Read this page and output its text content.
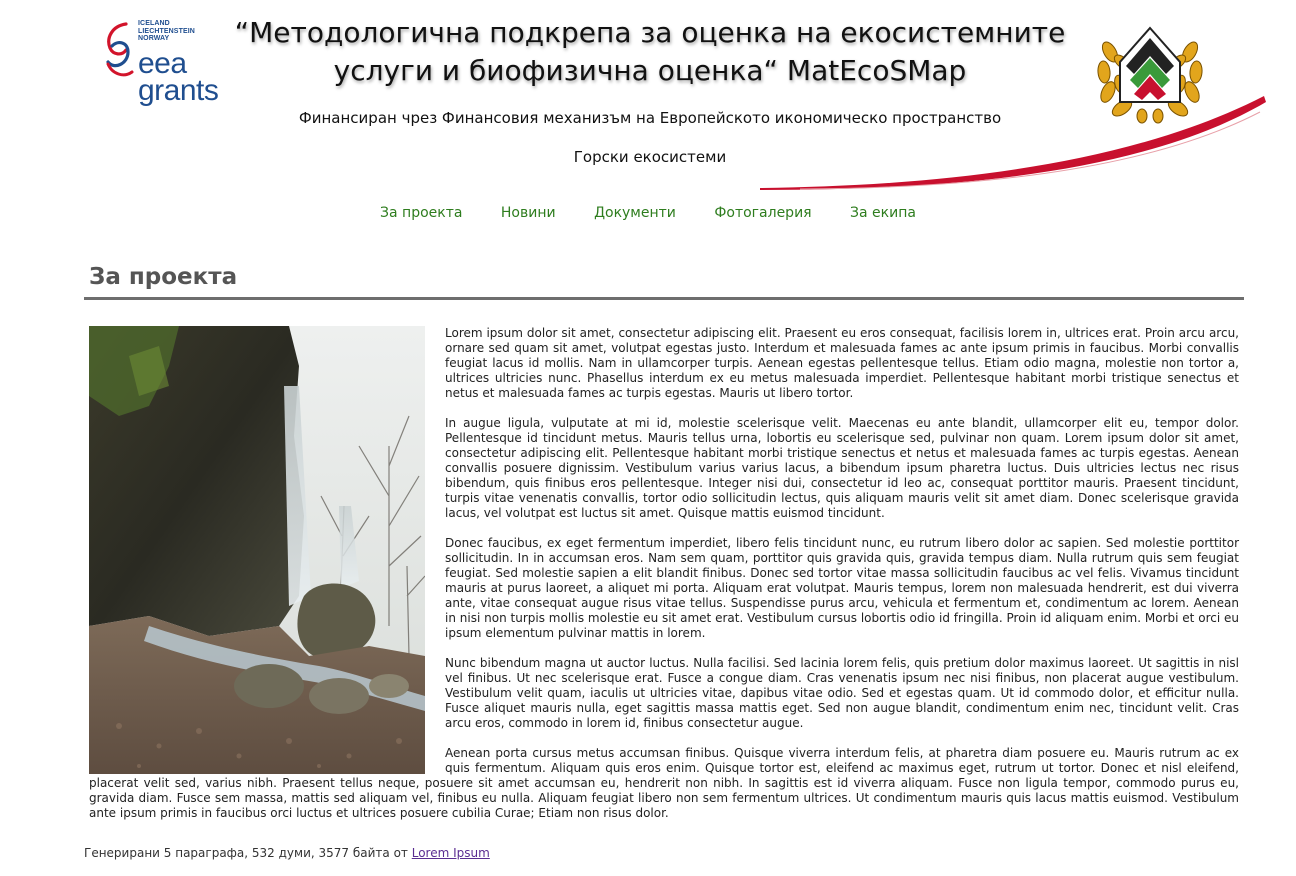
ICELAND
LIECHTENSTEIN
NORWAY
eea
grants
“Методологична подкрепа за оценка на екосистемните
услуги и биофизична оценка“ MatEcoSMap
Финансиран чрез Финансовия механизъм на Европейското икономическо пространство
Горски екосистеми
За проекта	Новини	Документи	Фотогалерия	За екипа
За проекта

Lorem ipsum dolor sit amet, consectetur adipiscing elit. Praesent eu eros consequat, facilisis lorem in, ultrices erat. Proin arcu arcu, ornare sed quam sit amet, volutpat egestas justo. Interdum et malesuada fames ac ante ipsum primis in faucibus. Morbi convallis feugiat lacus id mollis. Nam in ullamcorper turpis. Aenean egestas pellentesque tellus. Etiam odio magna, molestie non tortor a, ultrices ultricies nunc. Phasellus interdum ex eu metus malesuada imperdiet. Pellentesque habitant morbi tristique senectus et netus et malesuada fames ac turpis egestas. Mauris ut libero tortor.

In augue ligula, vulputate at mi id, molestie scelerisque velit. Maecenas eu ante blandit, ullamcorper elit eu, tempor dolor. Pellentesque id tincidunt metus. Mauris tellus urna, lobortis eu scelerisque sed, pulvinar non quam. Lorem ipsum dolor sit amet, consectetur adipiscing elit. Pellentesque habitant morbi tristique senectus et netus et malesuada fames ac turpis egestas. Aenean convallis posuere dignissim. Vestibulum varius varius lacus, a bibendum ipsum pharetra luctus. Duis ultricies lectus nec risus bibendum, quis finibus eros pellentesque. Integer nisi dui, consectetur id leo ac, consequat porttitor mauris. Praesent tincidunt, turpis vitae venenatis convallis, tortor odio sollicitudin lectus, quis aliquam mauris velit sit amet diam. Donec scelerisque gravida lacus, vel volutpat est luctus sit amet. Quisque mattis euismod tincidunt.

Donec faucibus, ex eget fermentum imperdiet, libero felis tincidunt nunc, eu rutrum libero dolor ac sapien. Sed molestie porttitor sollicitudin. In in accumsan eros. Nam sem quam, porttitor quis gravida quis, gravida tempus diam. Nulla rutrum quis sem feugiat feugiat. Sed molestie sapien a elit blandit finibus. Donec sed tortor vitae massa sollicitudin faucibus ac vel felis. Vivamus tincidunt mauris at purus laoreet, a aliquet mi porta. Aliquam erat volutpat. Mauris tempus, lorem non malesuada hendrerit, est dui viverra ante, vitae consequat augue risus vitae tellus. Suspendisse purus arcu, vehicula et fermentum et, condimentum ac lorem. Aenean in nisi non turpis mollis molestie eu sit amet erat. Vestibulum cursus lobortis odio id fringilla. Proin id aliquam enim. Morbi et orci eu ipsum elementum pulvinar mattis in lorem.

Nunc bibendum magna ut auctor luctus. Nulla facilisi. Sed lacinia lorem felis, quis pretium dolor maximus laoreet. Ut sagittis in nisl vel finibus. Ut nec scelerisque erat. Fusce a congue diam. Cras venenatis ipsum nec nisi finibus, non placerat augue vestibulum. Vestibulum velit quam, iaculis ut ultricies vitae, dapibus vitae odio. Sed et egestas quam. Ut id commodo dolor, et efficitur nulla. Fusce aliquet mauris nulla, eget sagittis massa mattis eget. Sed non augue blandit, condimentum enim nec, tincidunt velit. Cras arcu eros, commodo in lorem id, finibus consectetur augue.

Aenean porta cursus metus accumsan finibus. Quisque viverra interdum felis, at pharetra diam posuere eu. Mauris rutrum ac ex quis fermentum. Aliquam quis eros enim. Quisque tortor est, eleifend ac maximus eget, rutrum ut tortor. Donec et nisl eleifend, placerat velit sed, varius nibh. Praesent tellus neque, posuere sit amet accumsan eu, hendrerit non nibh. In sagittis est id viverra aliquam. Fusce non ligula tempor, commodo purus eu, gravida diam. Fusce sem massa, mattis sed aliquam vel, finibus eu nulla. Aliquam feugiat libero non sem fermentum ultrices. Ut condimentum mauris quis lacus mattis euismod. Vestibulum ante ipsum primis in faucibus orci luctus et ultrices posuere cubilia Curae; Etiam non risus dolor.

Генерирани 5 параграфа, 532 думи, 3577 байта от Lorem Ipsum
